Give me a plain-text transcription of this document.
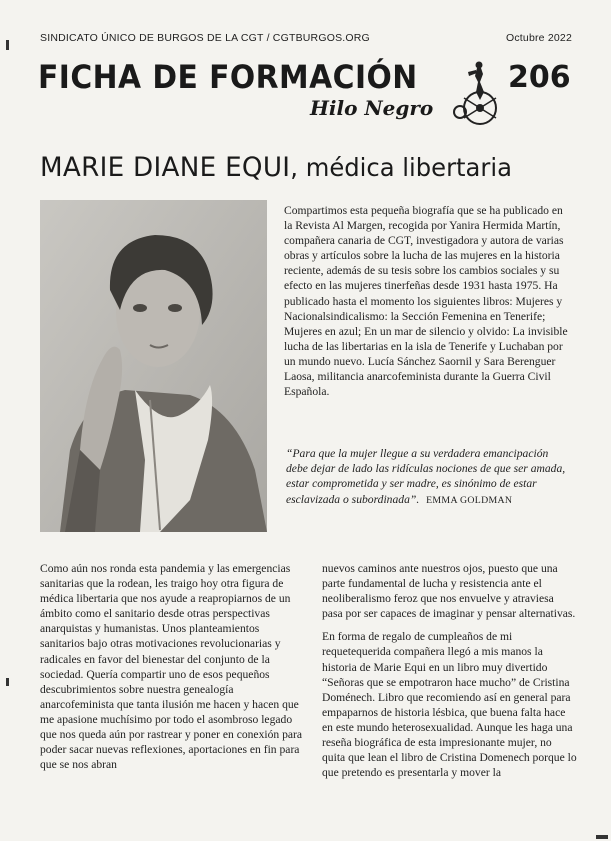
SINDICATO ÚNICO DE BURGOS DE LA CGT / CGTBURGOS.ORG	Octubre 2022
FICHA DE FORMACIÓN
Hilo Negro
206
MARIE DIANE EQUI, médica libertaria

Compartimos esta pequeña biografía que se ha publicado en la Revista Al Margen, recogida por Yanira Hermida Martín, compañera canaria de CGT, investigadora y autora de varias obras y artículos sobre la lucha de las mujeres en la historia reciente, además de su tesis sobre los cambios sociales y su efecto en las mujeres tinerfeñas desde 1931 hasta 1975. Ha publicado hasta el momento los siguientes libros: Mujeres y Nacionalsindicalismo: la Sección Femenina en Tenerife; Mujeres en azul; En un mar de silencio y olvido: La invisible lucha de las libertarias en la isla de Tenerife y Luchaban por un mundo nuevo. Lucía Sánchez Saornil y Sara Berenguer Laosa, militancia anarcofeminista durante la Guerra Civil Española.

“Para que la mujer llegue a su verdadera emancipación debe dejar de lado las ridículas nociones de que ser amada, estar comprometida y ser madre, es sinónimo de estar esclavizada o subordinada”. EMMA GOLDMAN

Como aún nos ronda esta pandemia y las emergencias sanitarias que la rodean, les traigo hoy otra figura de médica libertaria que nos ayude a reapropiarnos de un ámbito como el sanitario desde otras perspectivas anarquistas y humanistas. Unos planteamientos sanitarios bajo otras motivaciones revolucionarias y radicales en favor del bienestar del conjunto de la sociedad. Quería compartir uno de esos pequeños descubrimientos sobre nuestra genealogía anarcofeminista que tanta ilusión me hacen y hacen que me apasione muchísimo por todo el asombroso legado que nos queda aún por rastrear y poner en conexión para poder sacar nuevas reflexiones, aportaciones en fin para que se nos abran

nuevos caminos ante nuestros ojos, puesto que una parte fundamental de lucha y resistencia ante el neoliberalismo feroz que nos envuelve y atraviesa pasa por ser capaces de imaginar y pensar alternativas.

En forma de regalo de cumpleaños de mi requetequerida compañera llegó a mis manos la historia de Marie Equi en un libro muy divertido “Señoras que se empotraron hace mucho” de Cristina Doménech. Libro que recomiendo así en general para empaparnos de historia lésbica, que buena falta hace en este mundo heterosexualidad. Aunque les haga una reseña biográfica de esta impresionante mujer, no quita que lean el libro de Cristina Domenech porque lo que pretendo es presentarla y mover la
